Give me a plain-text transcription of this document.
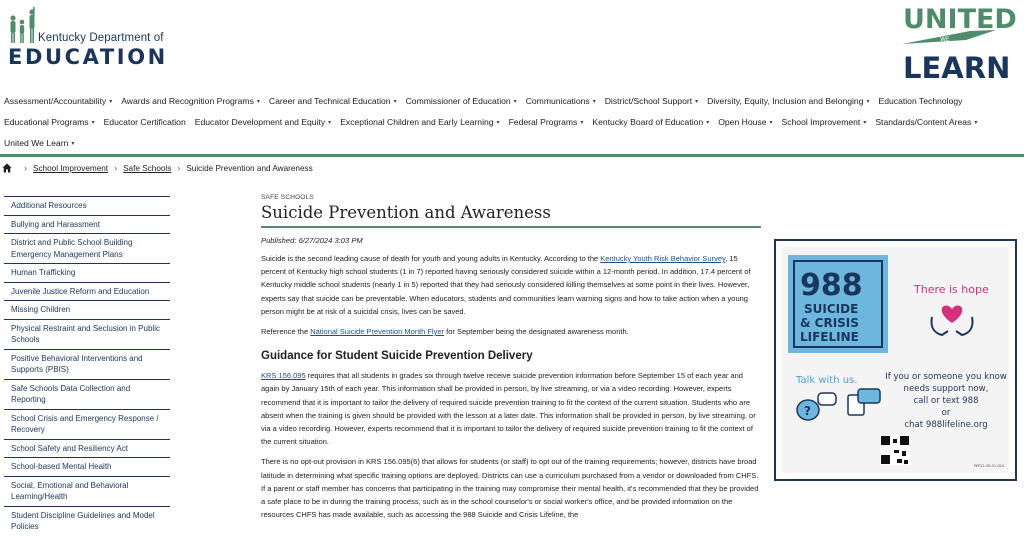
Kentucky Department of
EDUCATION
UNITED
WE
LEARN
Assessment/Accountability ▾ Awards and Recognition Programs ▾ Career and Technical Education ▾ Commissioner of Education ▾ Communications ▾ District/School Support ▾ Diversity, Equity, Inclusion and Belonging ▾ Education Technology
Educational Programs ▾ Educator Certification Educator Development and Equity ▾ Exceptional Children and Early Learning ▾ Federal Programs ▾ Kentucky Board of Education ▾ Open House ▾ School Improvement ▾ Standards/Content Areas ▾
United We Learn ▾
› School Improvement › Safe Schools › Suicide Prevention and Awareness
Additional Resources
Bullying and Harassment
District and Public School Building Emergency Management Plans
Human Trafficking
Juvenile Justice Reform and Education
Missing Children
Physical Restraint and Seclusion in Public Schools
Positive Behavioral Interventions and Supports (PBIS)
Safe Schools Data Collection and Reporting
School Crisis and Emergency Response / Recovery
School Safety and Resiliency Act
School-based Mental Health
Social, Emotional and Behavioral Learning/Health
Student Discipline Guidelines and Model Policies
SAFE SCHOOLS
Suicide Prevention and Awareness
Published: 6/27/2024 3:03 PM

Suicide is the second leading cause of death for youth and young adults in Kentucky. According to the Kentucky Youth Risk Behavior Survey, 15 percent of Kentucky high school students (1 in 7) reported having seriously considered suicide within a 12-month period. In addition, 17.4 percent of Kentucky middle school students (nearly 1 in 5) reported that they had seriously considered killing themselves at some point in their lives. However, experts say that suicide can be preventable. When educators, students and communities learn warning signs and how to take action when a young person might be at risk of a suicidal crisis, lives can be saved.

Reference the National Suicide Prevention Month Flyer for September being the designated awareness month.

Guidance for Student Suicide Prevention Delivery

KRS 156.095 requires that all students in grades six through twelve receive suicide prevention information before September 15 of each year and again by January 15th of each year. This information shall be provided in person, by live streaming, or via a video recording. However, experts recommend that it is important to tailor the delivery of required suicide prevention training to fit the context of the current situation. Students who are absent when the training is given should be provided with the lesson at a later date. This information shall be provided in person, by live streaming, or via a video recording. However, experts recommend that it is important to tailor the delivery of required suicide prevention training to fit the context of the current situation.

There is no opt-out provision in KRS 156.095(6) that allows for students (or staff) to opt out of the training requirements; however, districts have broad latitude in determining what specific training options are deployed. Districts can use a curriculum purchased from a vendor or downloaded from CHFS. If a parent or staff member has concerns that participating in the training may compromise their mental health, it's recommended that they be provided a safe place to be in during the training process, such as in the school counselor's or social worker's office, and be provided information on the resources CHFS has made available, such as accessing the 988 Suicide and Crisis Lifeline, the

988
SUICIDE
& CRISIS
LIFELINE
There is hope
Talk with us.
?
If you or someone you know
needs support now,
call or text 988
or
chat 988lifeline.org
PEP22-08-01-004
